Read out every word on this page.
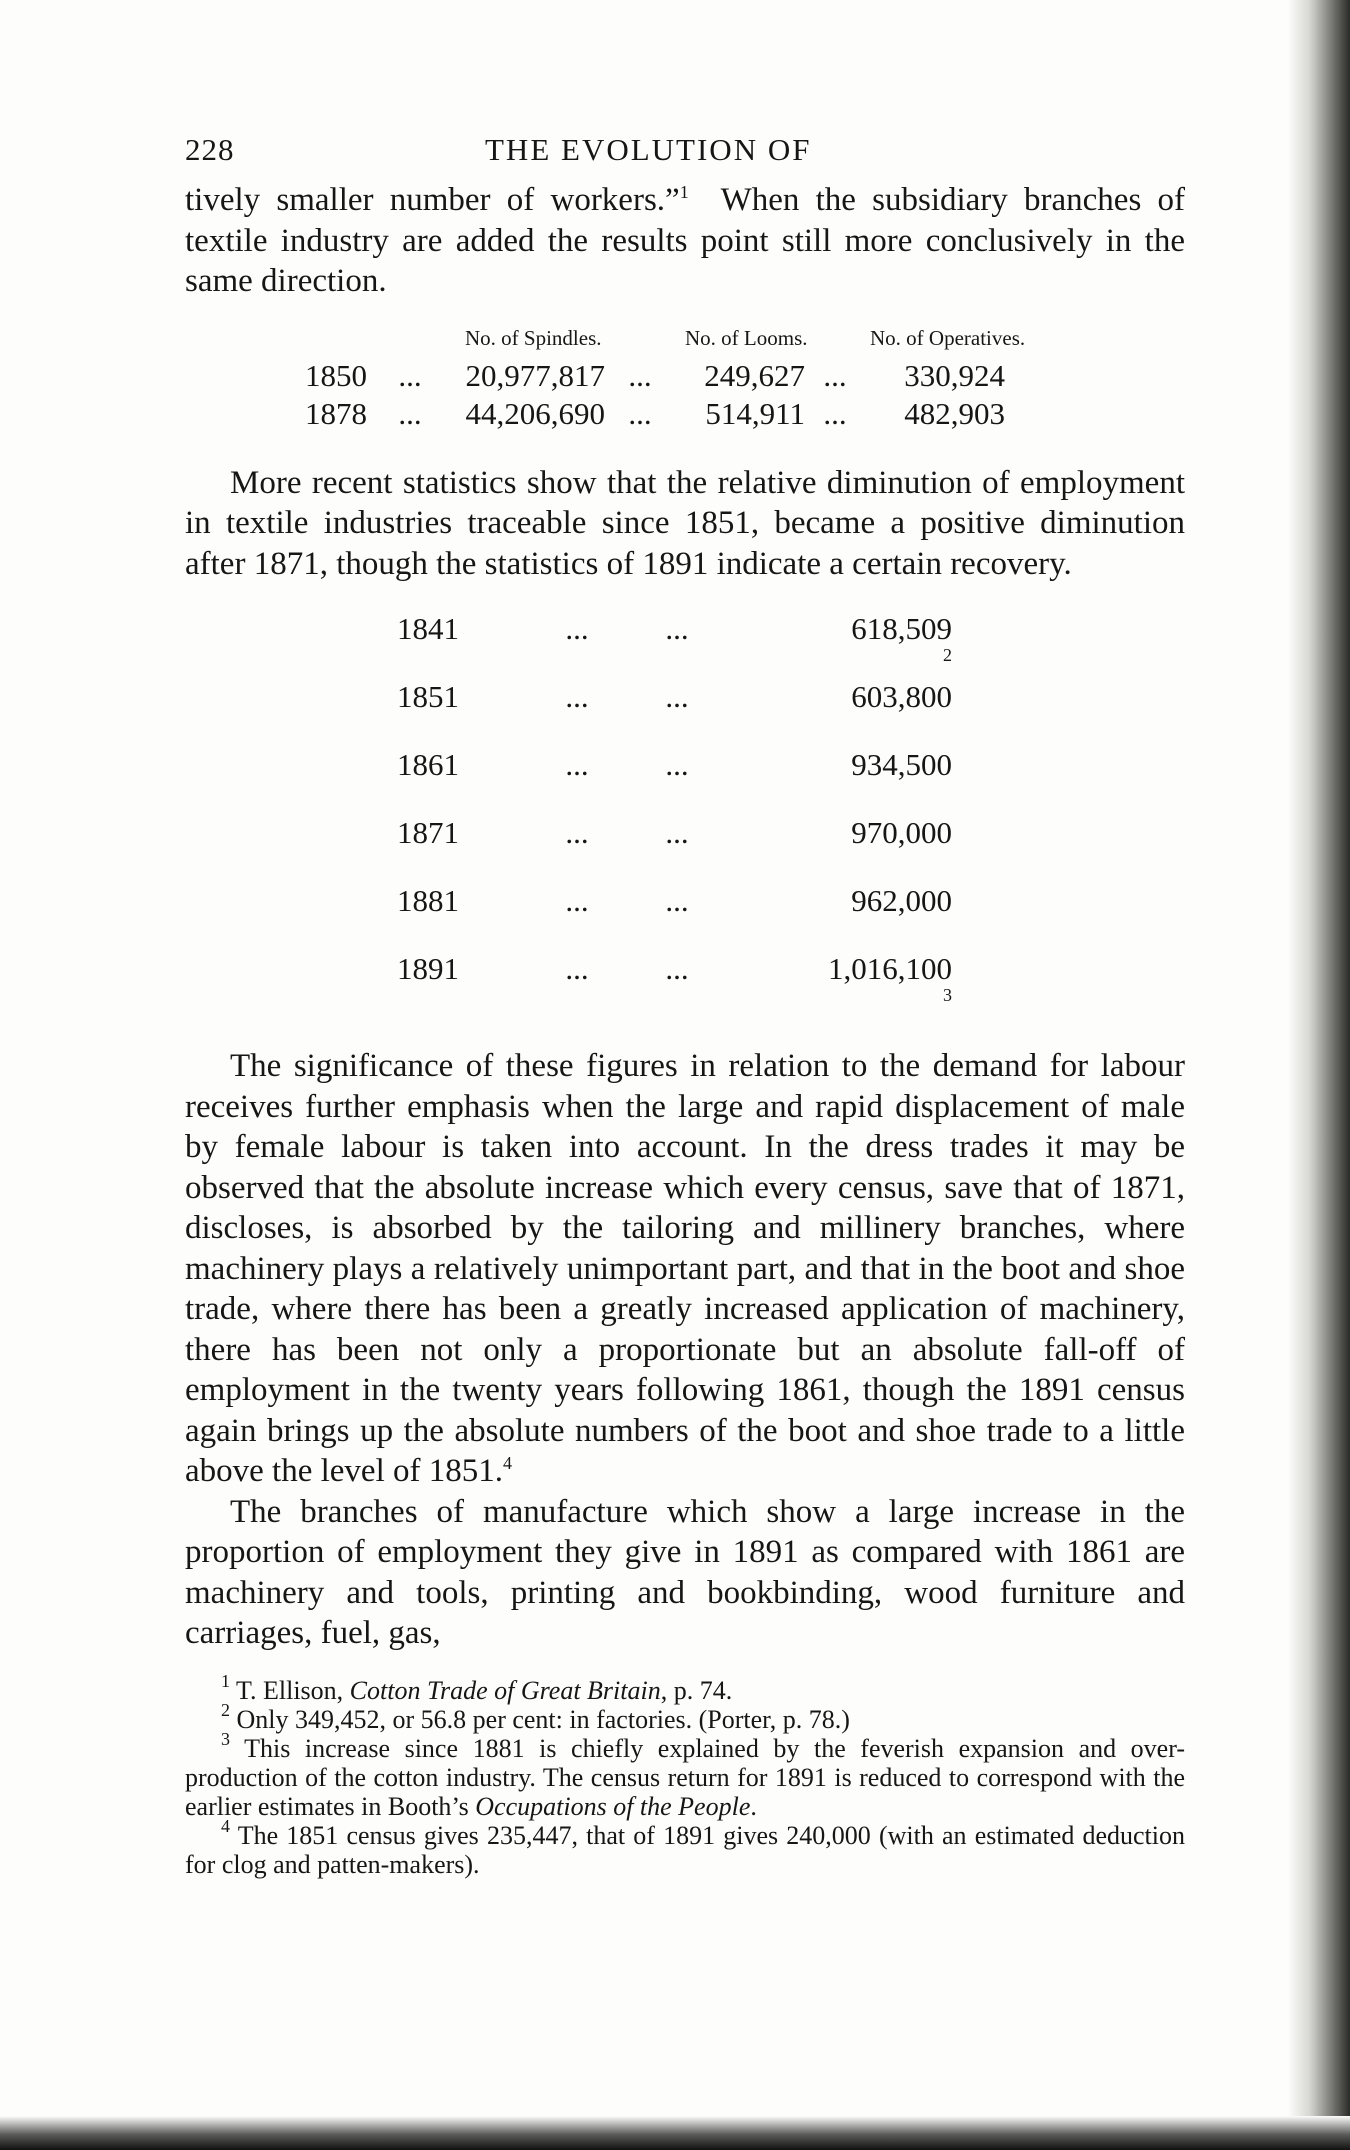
228	THE EVOLUTION OF

tively smaller number of workers.”$^1$ When the subsidiary branches of textile industry are added the results point still more conclusively in the same direction.

No. of Spindles.	No. of Looms.	No. of Operatives.
1850	...	20,977,817 ...	249,627 ...	330,924
1878	...	44,206,690 ...	514,911 ...	482,903

More recent statistics show that the relative diminution of employment in textile industries traceable since 1851, became a positive diminution after 1871, though the statistics of 1891 indicate a certain recovery.

1841	...	...	618,509
$^2$
1851	...	...	603,800
1861	...	...	934,500
1871	...	...	970,000
1881	...	...	962,000
1891	...	...	1,016,100
$^3$

The significance of these figures in relation to the demand for labour receives further emphasis when the large and rapid displacement of male by female labour is taken into account. In the dress trades it may be observed that the absolute increase which every census, save that of 1871, discloses, is absorbed by the tailoring and millinery branches, where machinery plays a relatively unimportant part, and that in the boot and shoe trade, where there has been a greatly increased application of machinery, there has been not only a proportionate but an absolute fall-off of employment in the twenty years following 1861, though the 1891 census again brings up the absolute numbers of the boot and shoe trade to a little above the level of 1851.$^4$

The branches of manufacture which show a large increase in the proportion of employment they give in 1891 as compared with 1861 are machinery and tools, printing and bookbinding, wood furniture and carriages, fuel, gas,

$^1$ T. Ellison, Cotton Trade of Great Britain, p. 74.

$^2$ Only 349,452, or 56.8 per cent: in factories. (Porter, p. 78.)

$^3$ This increase since 1881 is chiefly explained by the feverish expansion and over-production of the cotton industry. The census return for 1891 is reduced to correspond with the earlier estimates in Booth’s Occupations of the People.

$^4$ The 1851 census gives 235,447, that of 1891 gives 240,000 (with an estimated deduction for clog and patten-makers).
